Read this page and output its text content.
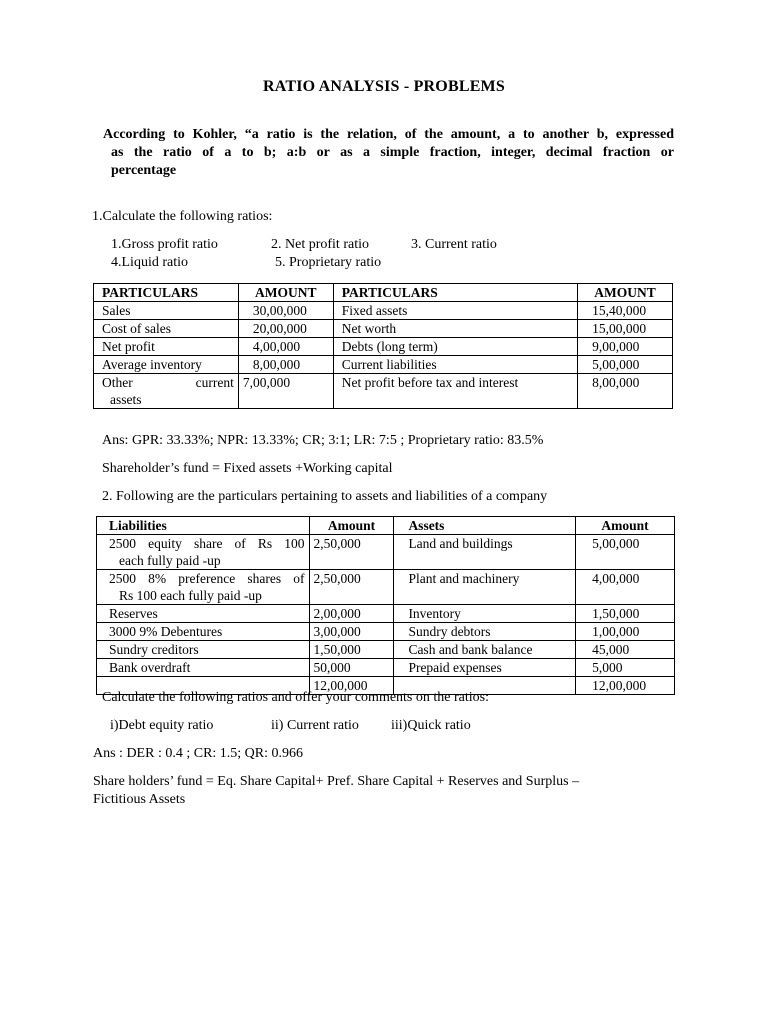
RATIO ANALYSIS - PROBLEMS
According to Kohler, “a ratio is the relation, of the amount, a to another b, expressed
as the ratio of a to b; a:b or as a simple fraction, integer, decimal fraction or
percentage
1.Calculate the following ratios:
1.Gross profit ratio	2. Net profit ratio	3. Current ratio
4.Liquid ratio	5. Proprietary ratio
PARTICULARS	AMOUNT	PARTICULARS	AMOUNT
Sales	30,00,000	Fixed assets	15,40,000
Cost of sales	20,00,000	Net worth	15,00,000
Net profit	4,00,000	Debts (long term)	9,00,000
Average inventory	8,00,000	Current liabilities	5,00,000

Other current
assets	7,00,000	Net profit before tax and interest	8,00,000
Ans: GPR: 33.33%; NPR: 13.33%; CR; 3:1; LR: 7:5 ; Proprietary ratio: 83.5%
Shareholder’s fund = Fixed assets +Working capital
2. Following are the particulars pertaining to assets and liabilities of a company
Liabilities	Amount	Assets	Amount

2500 equity share of Rs 100
each fully paid -up	2,50,000	Land and buildings	5,00,000

2500 8% preference shares of
Rs 100 each fully paid -up	2,50,000	Plant and machinery	4,00,000
Reserves	2,00,000	Inventory	1,50,000
3000 9% Debentures	3,00,000	Sundry debtors	1,00,000
Sundry creditors	1,50,000	Cash and bank balance	45,000
Bank overdraft	50,000	Prepaid expenses	5,000
	12,00,000		12,00,000
Calculate the following ratios and offer your comments on the ratios:
i)Debt equity ratio	ii) Current ratio iii)Quick ratio
Ans : DER : 0.4 ; CR: 1.5; QR: 0.966
Share holders’ fund = Eq. Share Capital+ Pref. Share Capital + Reserves and Surplus –
Fictitious Assets
